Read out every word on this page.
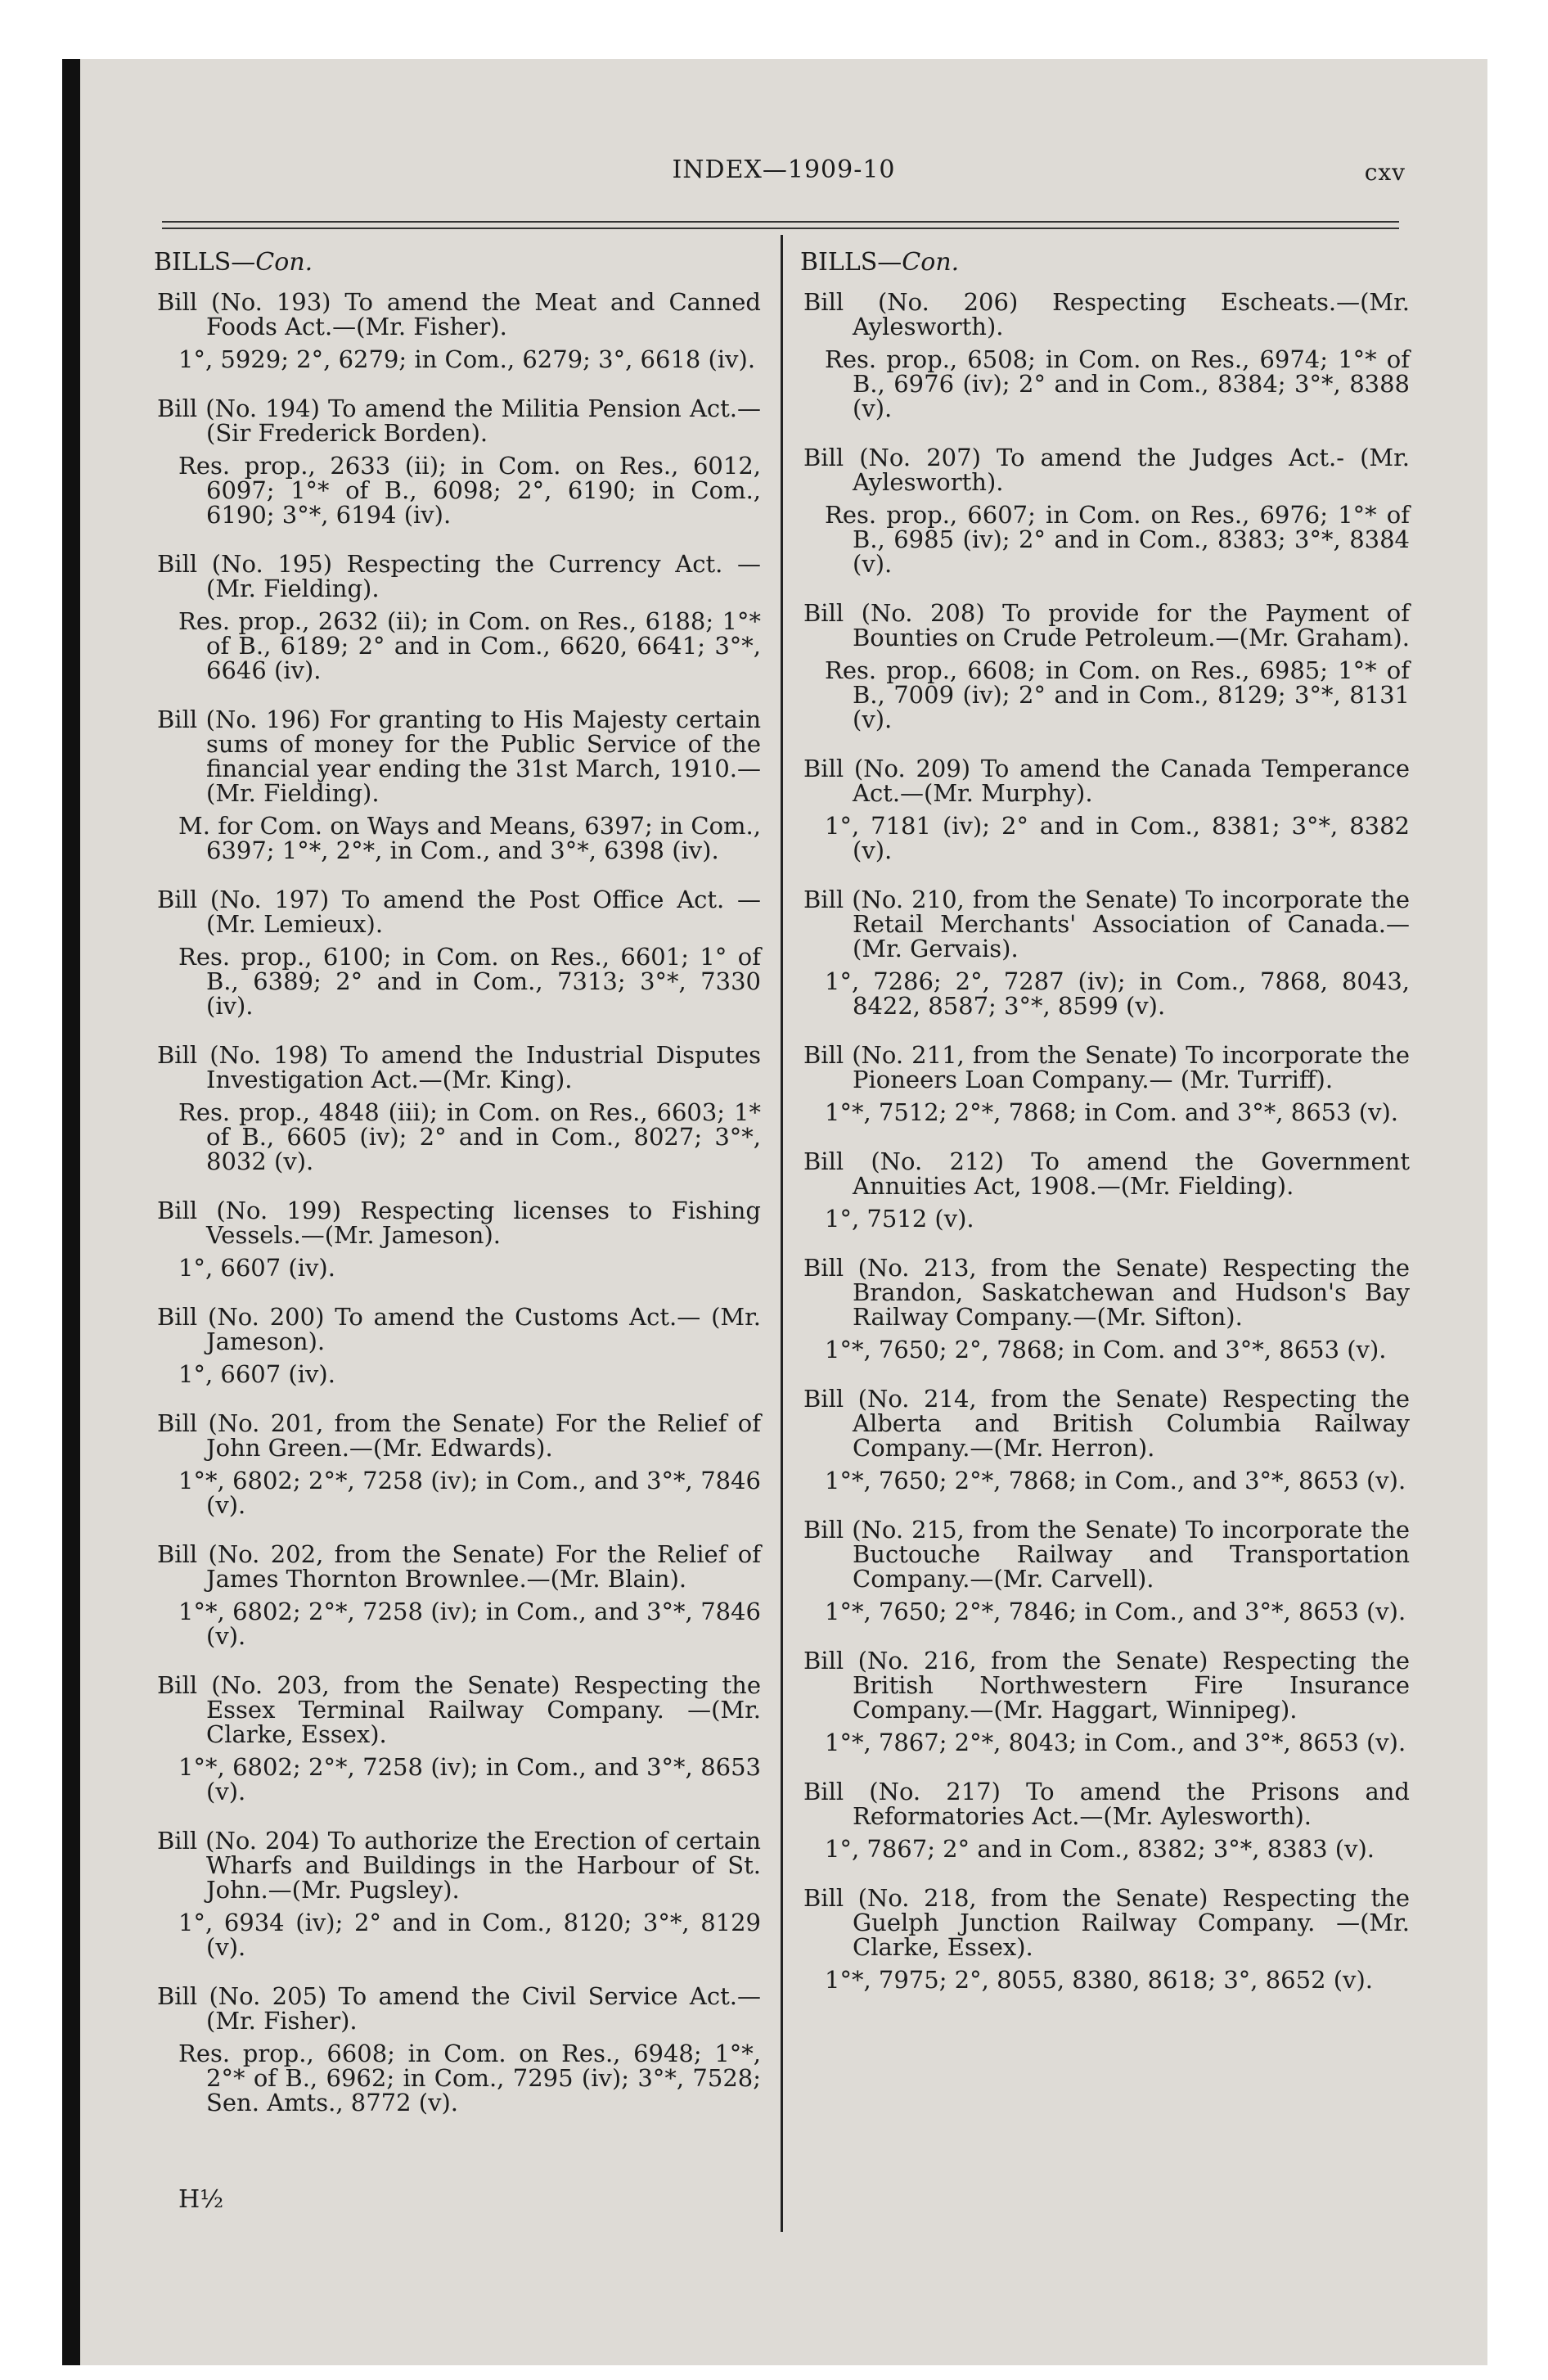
INDEX—1909-10	cxv
BILLS—Con.
Bill (No. 193) To amend the Meat and Canned Foods Act.—(Mr. Fisher).
1°, 5929; 2°, 6279; in Com., 6279; 3°, 6618 (iv).
Bill (No. 194) To amend the Militia Pension Act.—(Sir Frederick Borden).
Res. prop., 2633 (ii); in Com. on Res., 6012, 6097; 1°* of B., 6098; 2°, 6190; in Com., 6190; 3°*, 6194 (iv).
Bill (No. 195) Respecting the Currency Act. —(Mr. Fielding).
Res. prop., 2632 (ii); in Com. on Res., 6188; 1°* of B., 6189; 2° and in Com., 6620, 6641; 3°*, 6646 (iv).
Bill (No. 196) For granting to His Majesty certain sums of money for the Public Service of the financial year ending the 31st March, 1910.—(Mr. Fielding).
M. for Com. on Ways and Means, 6397; in Com., 6397; 1°*, 2°*, in Com., and 3°*, 6398 (iv).
Bill (No. 197) To amend the Post Office Act. —(Mr. Lemieux).
Res. prop., 6100; in Com. on Res., 6601; 1° of B., 6389; 2° and in Com., 7313; 3°*, 7330 (iv).
Bill (No. 198) To amend the Industrial Disputes Investigation Act.—(Mr. King).
Res. prop., 4848 (iii); in Com. on Res., 6603; 1* of B., 6605 (iv); 2° and in Com., 8027; 3°*, 8032 (v).
Bill (No. 199) Respecting licenses to Fishing Vessels.—(Mr. Jameson).
1°, 6607 (iv).
Bill (No. 200) To amend the Customs Act.— (Mr. Jameson).
1°, 6607 (iv).
Bill (No. 201, from the Senate) For the Relief of John Green.—(Mr. Edwards).
1°*, 6802; 2°*, 7258 (iv); in Com., and 3°*, 7846 (v).
Bill (No. 202, from the Senate) For the Relief of James Thornton Brownlee.—(Mr. Blain).
1°*, 6802; 2°*, 7258 (iv); in Com., and 3°*, 7846 (v).
Bill (No. 203, from the Senate) Respecting the Essex Terminal Railway Company. —(Mr. Clarke, Essex).
1°*, 6802; 2°*, 7258 (iv); in Com., and 3°*, 8653 (v).
Bill (No. 204) To authorize the Erection of certain Wharfs and Buildings in the Harbour of St. John.—(Mr. Pugsley).
1°, 6934 (iv); 2° and in Com., 8120; 3°*, 8129 (v).
Bill (No. 205) To amend the Civil Service Act.—(Mr. Fisher).
Res. prop., 6608; in Com. on Res., 6948; 1°*, 2°* of B., 6962; in Com., 7295 (iv); 3°*, 7528; Sen. Amts., 8772 (v).
BILLS—Con.
Bill (No. 206) Respecting Escheats.—(Mr. Aylesworth).
Res. prop., 6508; in Com. on Res., 6974; 1°* of B., 6976 (iv); 2° and in Com., 8384; 3°*, 8388 (v).
Bill (No. 207) To amend the Judges Act.- (Mr. Aylesworth).
Res. prop., 6607; in Com. on Res., 6976; 1°* of B., 6985 (iv); 2° and in Com., 8383; 3°*, 8384 (v).
Bill (No. 208) To provide for the Payment of Bounties on Crude Petroleum.—(Mr. Graham).
Res. prop., 6608; in Com. on Res., 6985; 1°* of B., 7009 (iv); 2° and in Com., 8129; 3°*, 8131 (v).
Bill (No. 209) To amend the Canada Temperance Act.—(Mr. Murphy).
1°, 7181 (iv); 2° and in Com., 8381; 3°*, 8382 (v).
Bill (No. 210, from the Senate) To incorporate the Retail Merchants' Association of Canada.—(Mr. Gervais).
1°, 7286; 2°, 7287 (iv); in Com., 7868, 8043, 8422, 8587; 3°*, 8599 (v).
Bill (No. 211, from the Senate) To incorporate the Pioneers Loan Company.— (Mr. Turriff).
1°*, 7512; 2°*, 7868; in Com. and 3°*, 8653 (v).
Bill (No. 212) To amend the Government Annuities Act, 1908.—(Mr. Fielding).
1°, 7512 (v).
Bill (No. 213, from the Senate) Respecting the Brandon, Saskatchewan and Hudson's Bay Railway Company.—(Mr. Sifton).
1°*, 7650; 2°, 7868; in Com. and 3°*, 8653 (v).
Bill (No. 214, from the Senate) Respecting the Alberta and British Columbia Railway Company.—(Mr. Herron).
1°*, 7650; 2°*, 7868; in Com., and 3°*, 8653 (v).
Bill (No. 215, from the Senate) To incorporate the Buctouche Railway and Transportation Company.—(Mr. Carvell).
1°*, 7650; 2°*, 7846; in Com., and 3°*, 8653 (v).
Bill (No. 216, from the Senate) Respecting the British Northwestern Fire Insurance Company.—(Mr. Haggart, Winnipeg).
1°*, 7867; 2°*, 8043; in Com., and 3°*, 8653 (v).
Bill (No. 217) To amend the Prisons and Reformatories Act.—(Mr. Aylesworth).
1°, 7867; 2° and in Com., 8382; 3°*, 8383 (v).
Bill (No. 218, from the Senate) Respecting the Guelph Junction Railway Company. —(Mr. Clarke, Essex).
1°*, 7975; 2°, 8055, 8380, 8618; 3°, 8652 (v).
H½
